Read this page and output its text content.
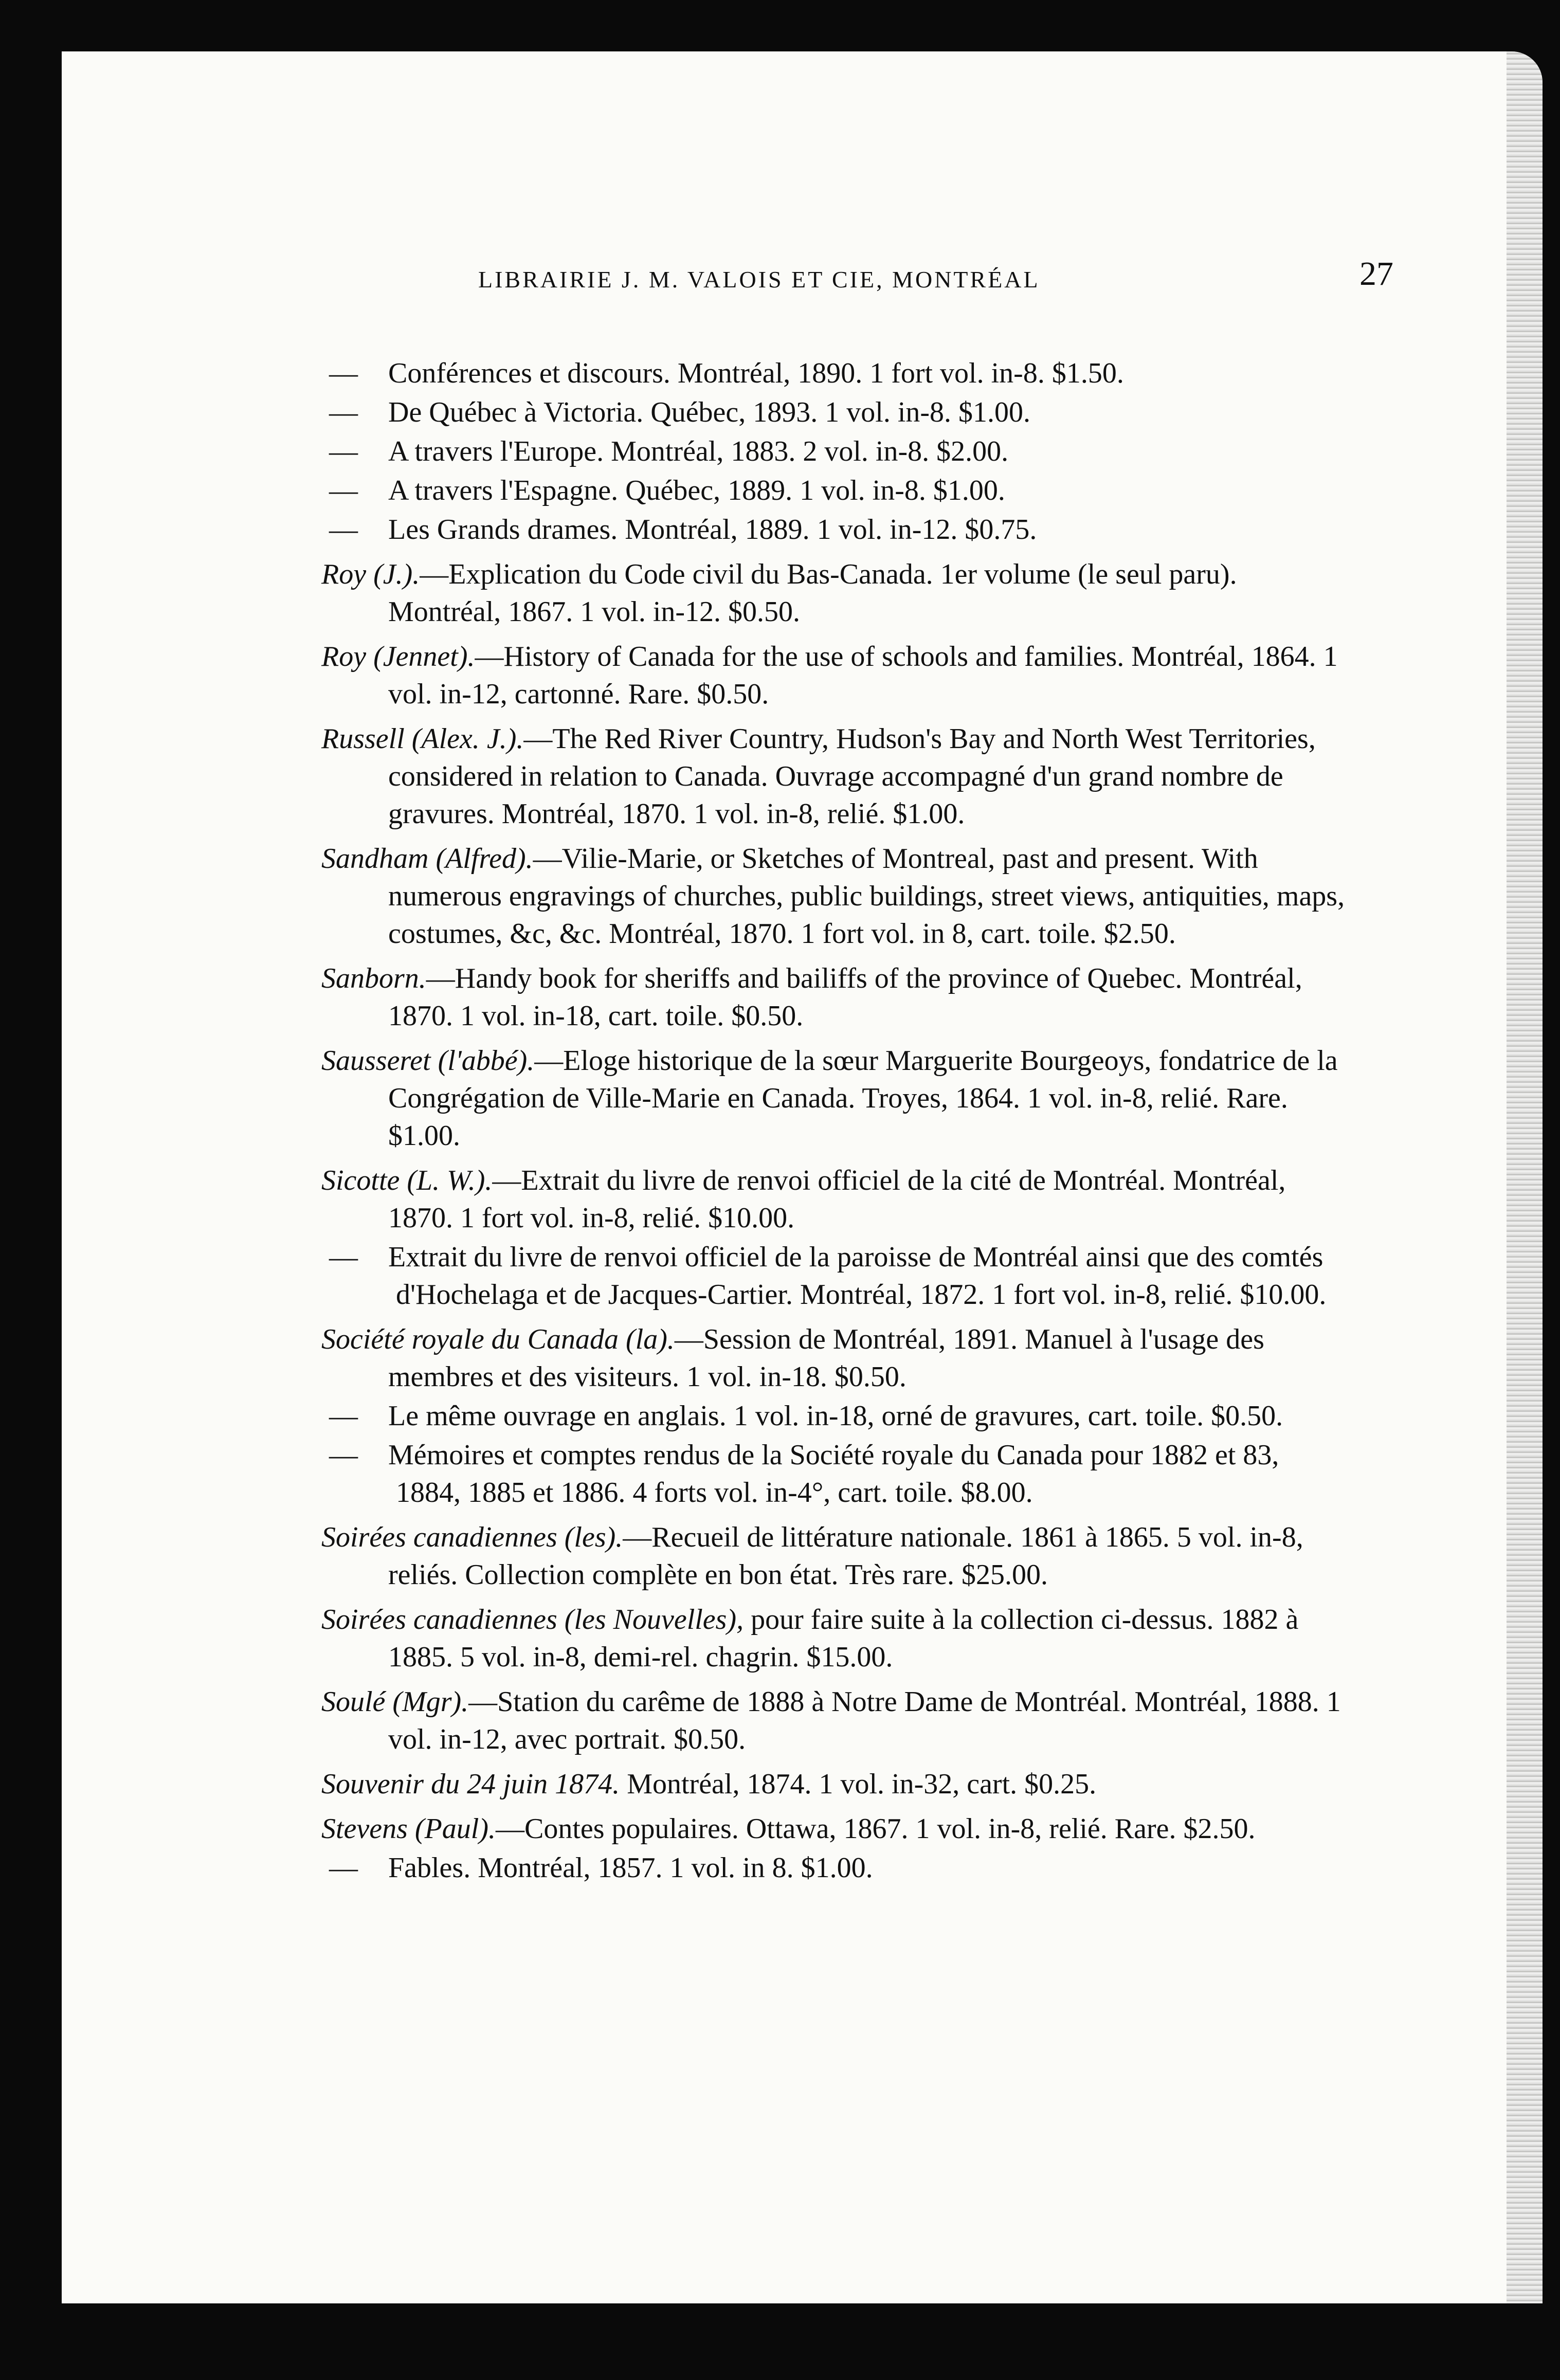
LIBRAIRIE J. M. VALOIS ET CIE, MONTRÉAL	27
— Conférences et discours. Montréal, 1890. 1 fort vol. in-8. $1.50.
— De Québec à Victoria. Québec, 1893. 1 vol. in-8. $1.00.
— A travers l'Europe. Montréal, 1883. 2 vol. in-8. $2.00.
— A travers l'Espagne. Québec, 1889. 1 vol. in-8. $1.00.
— Les Grands drames. Montréal, 1889. 1 vol. in-12. $0.75.
Roy (J.).—Explication du Code civil du Bas-Canada. 1er volume (le seul paru). Montréal, 1867. 1 vol. in-12. $0.50.
Roy (Jennet).—History of Canada for the use of schools and families. Montréal, 1864. 1 vol. in-12, cartonné. Rare. $0.50.
Russell (Alex. J.).—The Red River Country, Hudson's Bay and North West Territories, considered in relation to Canada. Ouvrage accompagné d'un grand nombre de gravures. Montréal, 1870. 1 vol. in-8, relié. $1.00.
Sandham (Alfred).—Vilie-Marie, or Sketches of Montreal, past and present. With numerous engravings of churches, public buildings, street views, antiquities, maps, costumes, &c, &c. Montréal, 1870. 1 fort vol. in 8, cart. toile. $2.50.
Sanborn.—Handy book for sheriffs and bailiffs of the province of Quebec. Montréal, 1870. 1 vol. in-18, cart. toile. $0.50.
Sausseret (l'abbé).—Eloge historique de la sœur Marguerite Bourgeoys, fondatrice de la Congrégation de Ville-Marie en Canada. Troyes, 1864. 1 vol. in-8, relié. Rare. $1.00.
Sicotte (L. W.).—Extrait du livre de renvoi officiel de la cité de Montréal. Montréal, 1870. 1 fort vol. in-8, relié. $10.00.
— Extrait du livre de renvoi officiel de la paroisse de Montréal ainsi que des comtés d'Hochelaga et de Jacques-Cartier. Montréal, 1872. 1 fort vol. in-8, relié. $10.00.
Société royale du Canada (la).—Session de Montréal, 1891. Manuel à l'usage des membres et des visiteurs. 1 vol. in-18. $0.50.
— Le même ouvrage en anglais. 1 vol. in-18, orné de gravures, cart. toile. $0.50.
— Mémoires et comptes rendus de la Société royale du Canada pour 1882 et 83, 1884, 1885 et 1886. 4 forts vol. in-4°, cart. toile. $8.00.
Soirées canadiennes (les).—Recueil de littérature nationale. 1861 à 1865. 5 vol. in-8, reliés. Collection complète en bon état. Très rare. $25.00.
Soirées canadiennes (les Nouvelles), pour faire suite à la collection ci-dessus. 1882 à 1885. 5 vol. in-8, demi-rel. chagrin. $15.00.
Soulé (Mgr).—Station du carême de 1888 à Notre Dame de Montréal. Montréal, 1888. 1 vol. in-12, avec portrait. $0.50.
Souvenir du 24 juin 1874. Montréal, 1874. 1 vol. in-32, cart. $0.25.
Stevens (Paul).—Contes populaires. Ottawa, 1867. 1 vol. in-8, relié. Rare. $2.50.
— Fables. Montréal, 1857. 1 vol. in 8. $1.00.
